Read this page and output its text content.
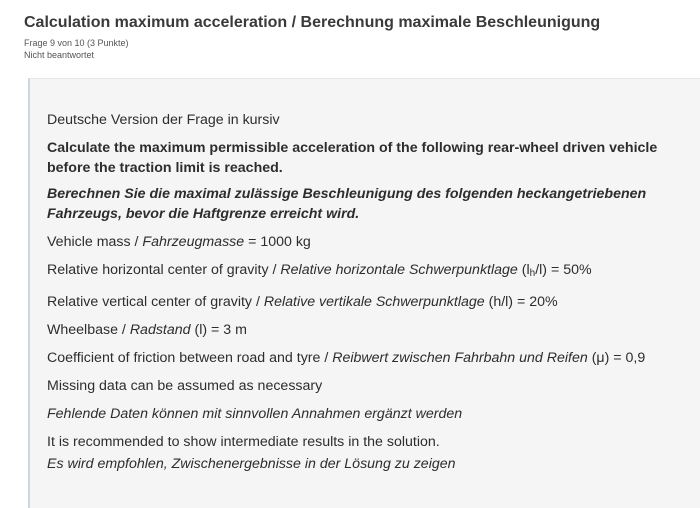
Calculation maximum acceleration / Berechnung maximale Beschleunigung
Frage 9 von 10 (3 Punkte)
Nicht beantwortet
Deutsche Version der Frage in kursiv
Calculate the maximum permissible acceleration of the following rear-wheel driven vehicle before the traction limit is reached.
Berechnen Sie die maximal zulässige Beschleunigung des folgenden heckangetriebenen Fahrzeugs, bevor die Haftgrenze erreicht wird.
Vehicle mass / Fahrzeugmasse = 1000 kg
Relative horizontal center of gravity / Relative horizontale Schwerpunktlage $(l_h/l) = 50\%$
Relative vertical center of gravity / Relative vertikale Schwerpunktlage (h/l) = 20%
Wheelbase / Radstand (l) = 3 m
Coefficient of friction between road and tyre / Reibwert zwischen Fahrbahn und Reifen (μ) = 0,9
Missing data can be assumed as necessary
Fehlende Daten können mit sinnvollen Annahmen ergänzt werden
It is recommended to show intermediate results in the solution.
Es wird empfohlen, Zwischenergebnisse in der Lösung zu zeigen
